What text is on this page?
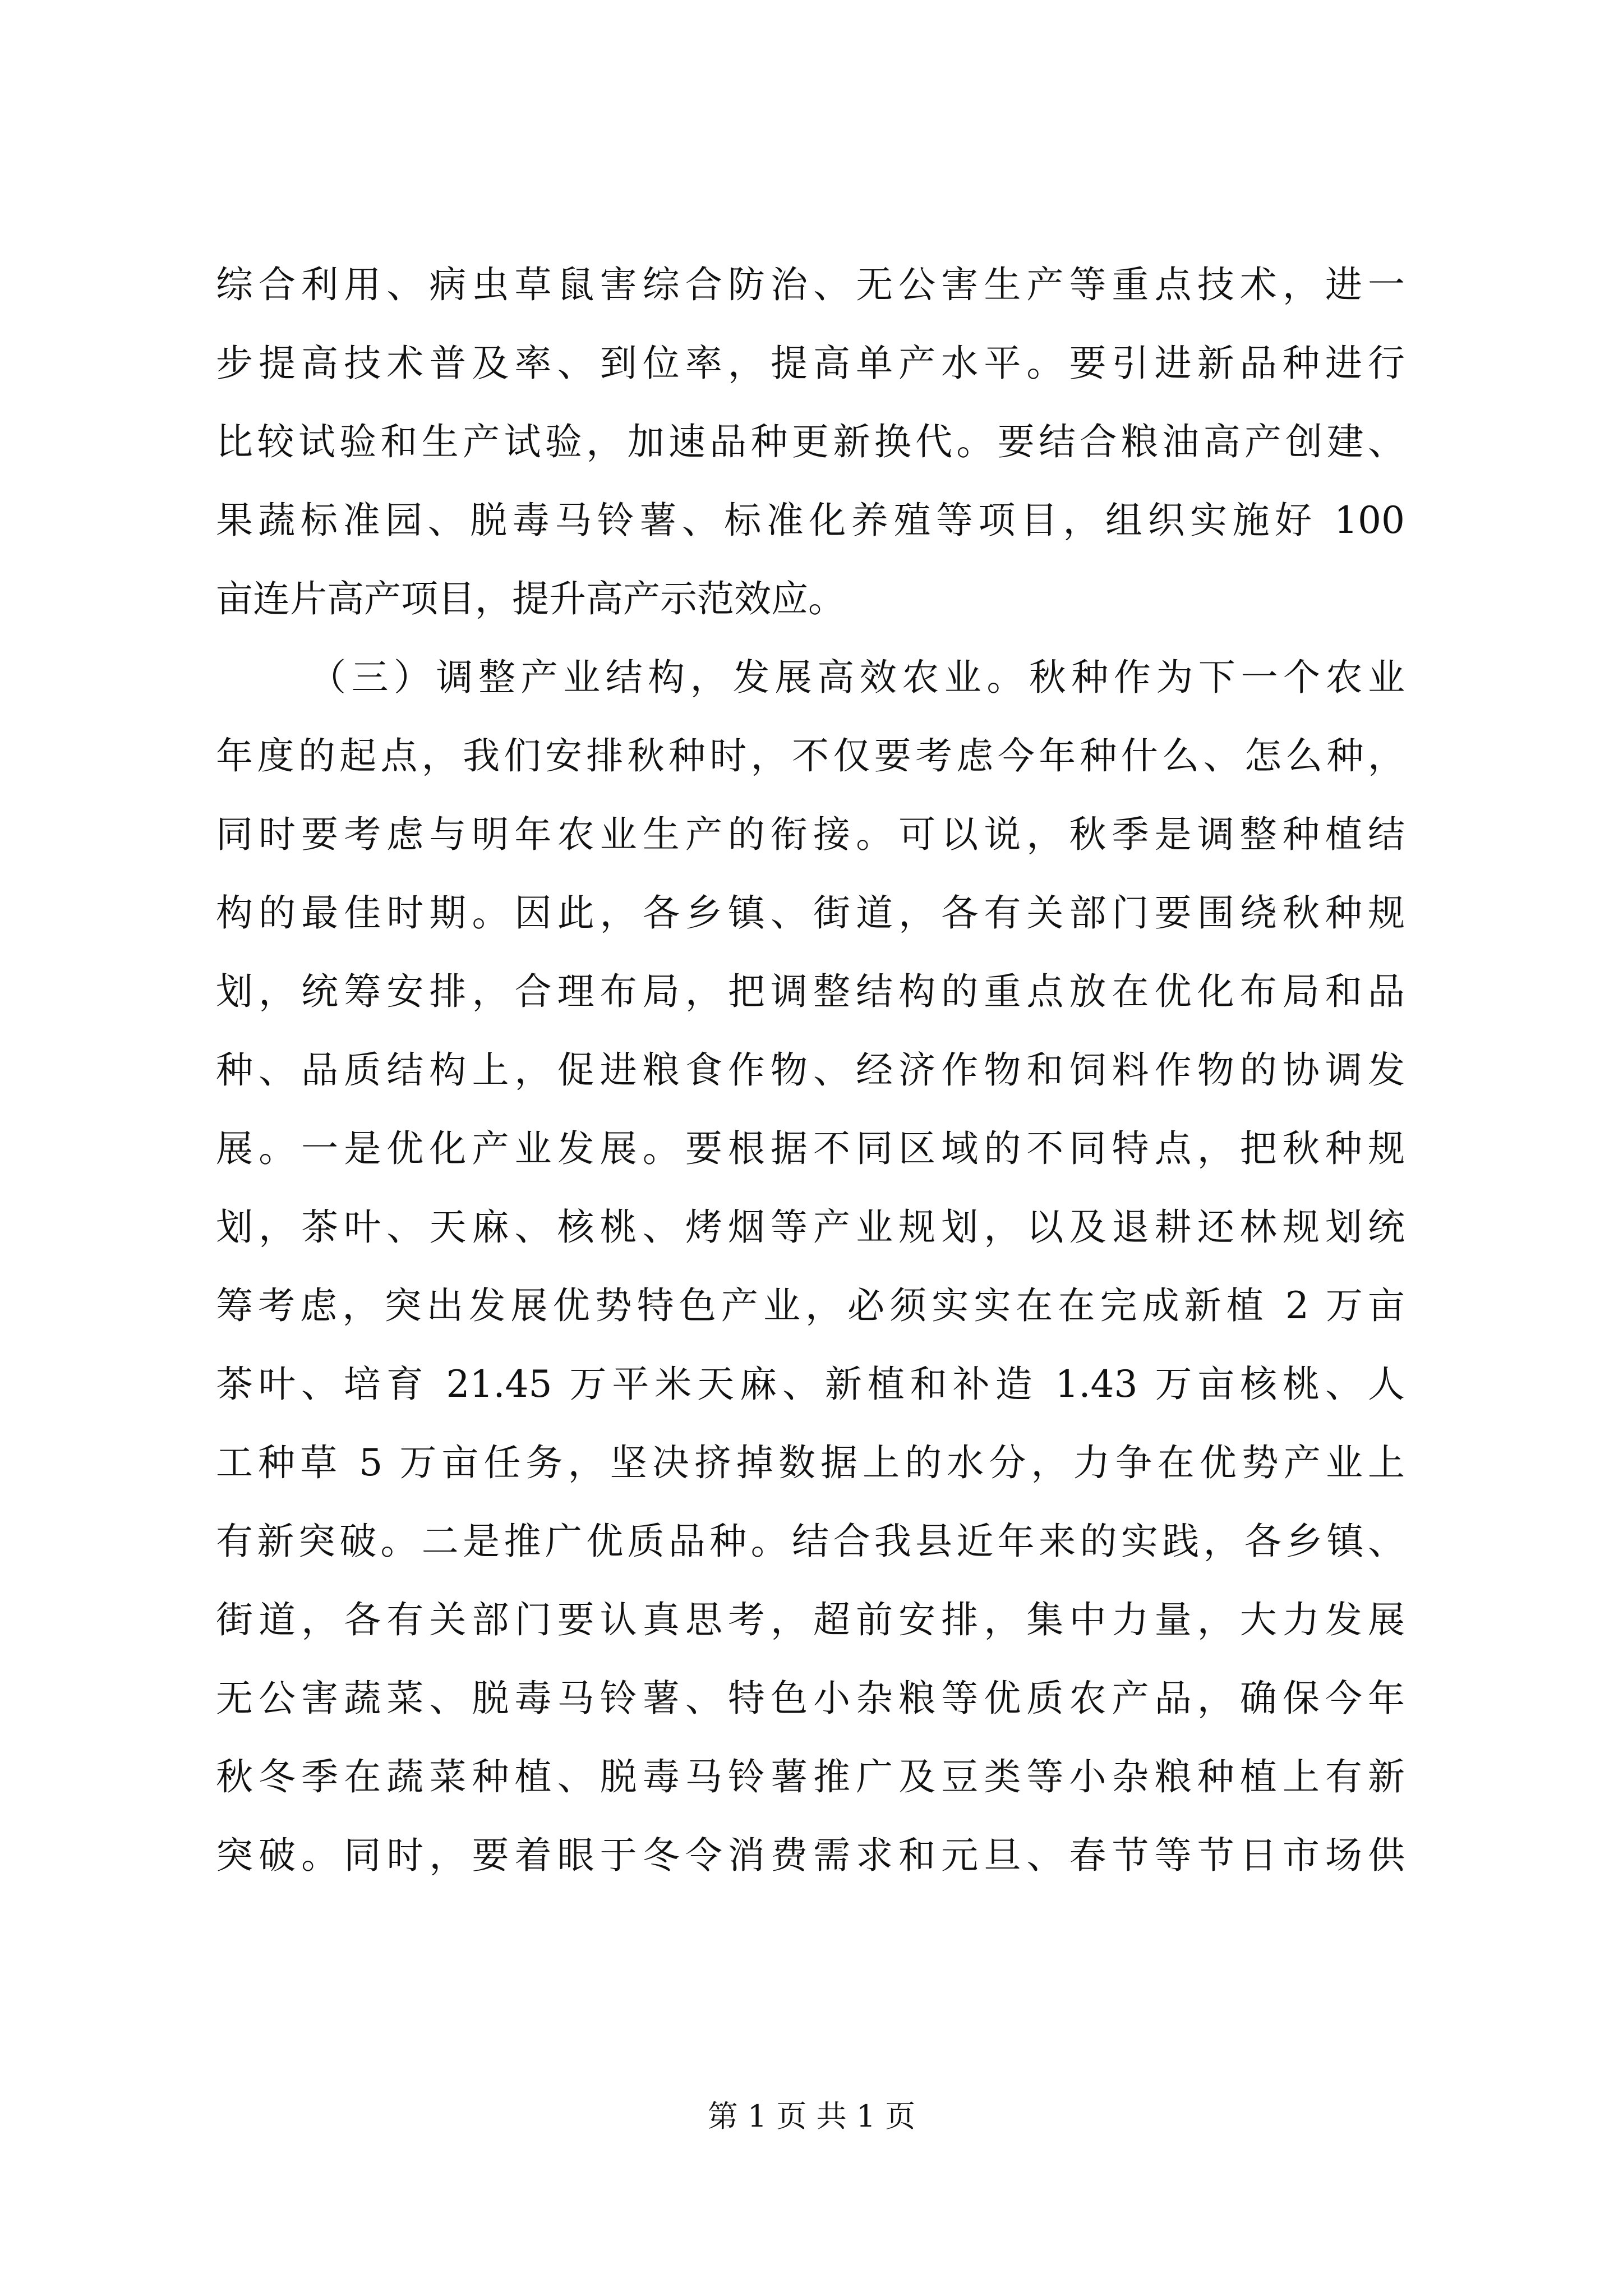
综合利用、病虫草鼠害综合防治、无公害生产等重点技术，进一
步提高技术普及率、到位率，提高单产水平。要引进新品种进行
比较试验和生产试验，加速品种更新换代。要结合粮油高产创建、
果蔬标准园、脱毒马铃薯、标准化养殖等项目，组织实施好 100
亩连片高产项目，提升高产示范效应。
（三）调整产业结构，发展高效农业。秋种作为下一个农业
年度的起点，我们安排秋种时，不仅要考虑今年种什么、怎么种，
同时要考虑与明年农业生产的衔接。可以说，秋季是调整种植结
构的最佳时期。因此，各乡镇、街道，各有关部门要围绕秋种规
划，统筹安排，合理布局，把调整结构的重点放在优化布局和品
种、品质结构上，促进粮食作物、经济作物和饲料作物的协调发
展。一是优化产业发展。要根据不同区域的不同特点，把秋种规
划，茶叶、天麻、核桃、烤烟等产业规划，以及退耕还林规划统
筹考虑，突出发展优势特色产业，必须实实在在完成新植 2 万亩
茶叶、培育 21.45 万平米天麻、新植和补造 1.43 万亩核桃、人
工种草 5 万亩任务，坚决挤掉数据上的水分，力争在优势产业上
有新突破。二是推广优质品种。结合我县近年来的实践，各乡镇、
街道，各有关部门要认真思考，超前安排，集中力量，大力发展
无公害蔬菜、脱毒马铃薯、特色小杂粮等优质农产品，确保今年
秋冬季在蔬菜种植、脱毒马铃薯推广及豆类等小杂粮种植上有新
突破。同时，要着眼于冬令消费需求和元旦、春节等节日市场供
第 1 页 共 1 页
